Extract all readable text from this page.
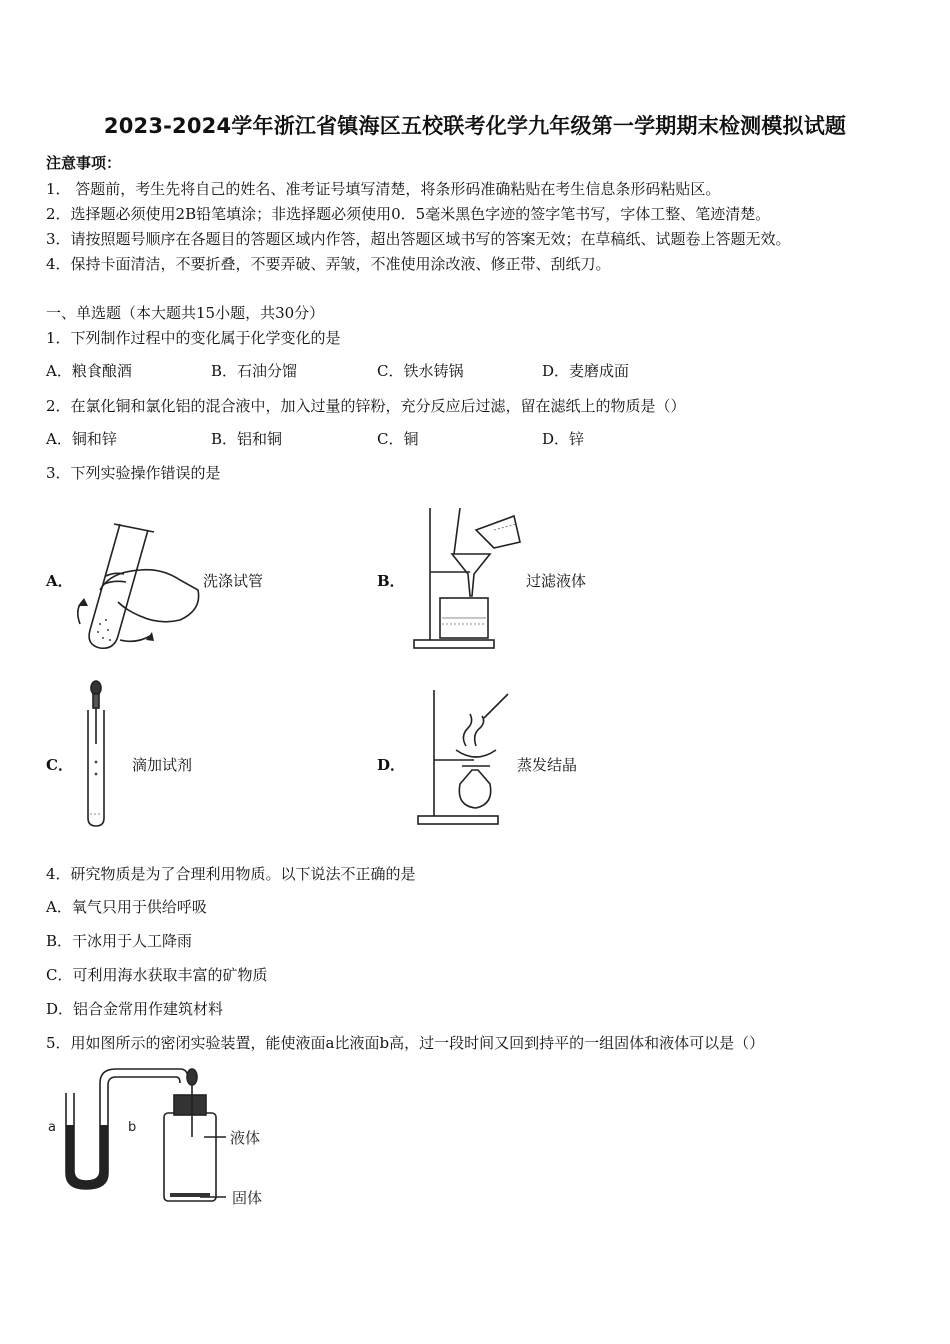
2023-2024学年浙江省镇海区五校联考化学九年级第一学期期末检测模拟试题
注意事项：
1． 答题前，考生先将自己的姓名、准考证号填写清楚，将条形码准确粘贴在考生信息条形码粘贴区。
2．选择题必须使用2B铅笔填涂；非选择题必须使用0．5毫米黑色字迹的签字笔书写，字体工整、笔迹清楚。
3．请按照题号顺序在各题目的答题区域内作答，超出答题区域书写的答案无效；在草稿纸、试题卷上答题无效。
4．保持卡面清洁，不要折叠，不要弄破、弄皱，不准使用涂改液、修正带、刮纸刀。
一、单选题（本大题共15小题，共30分）
1．下列制作过程中的变化属于化学变化的是
A．粮食酿酒	B．石油分馏	C．铁水铸锅	D．麦磨成面
2．在氯化铜和氯化铝的混合液中，加入过量的锌粉，充分反应后过滤，留在滤纸上的物质是（）
A．铜和锌	B．铝和铜	C．铜	D．锌
3．下列实验操作错误的是
A．	洗涤试管	B．	过滤液体
C．	滴加试剂	D．	蒸发结晶
4．研究物质是为了合理利用物质。以下说法不正确的是
A．氧气只用于供给呼吸
B．干冰用于人工降雨
C．可利用海水获取丰富的矿物质
D．铝合金常用作建筑材料
5．用如图所示的密闭实验装置，能使液面a比液面b高，过一段时间又回到持平的一组固体和液体可以是（）
a	b
液体
固体
